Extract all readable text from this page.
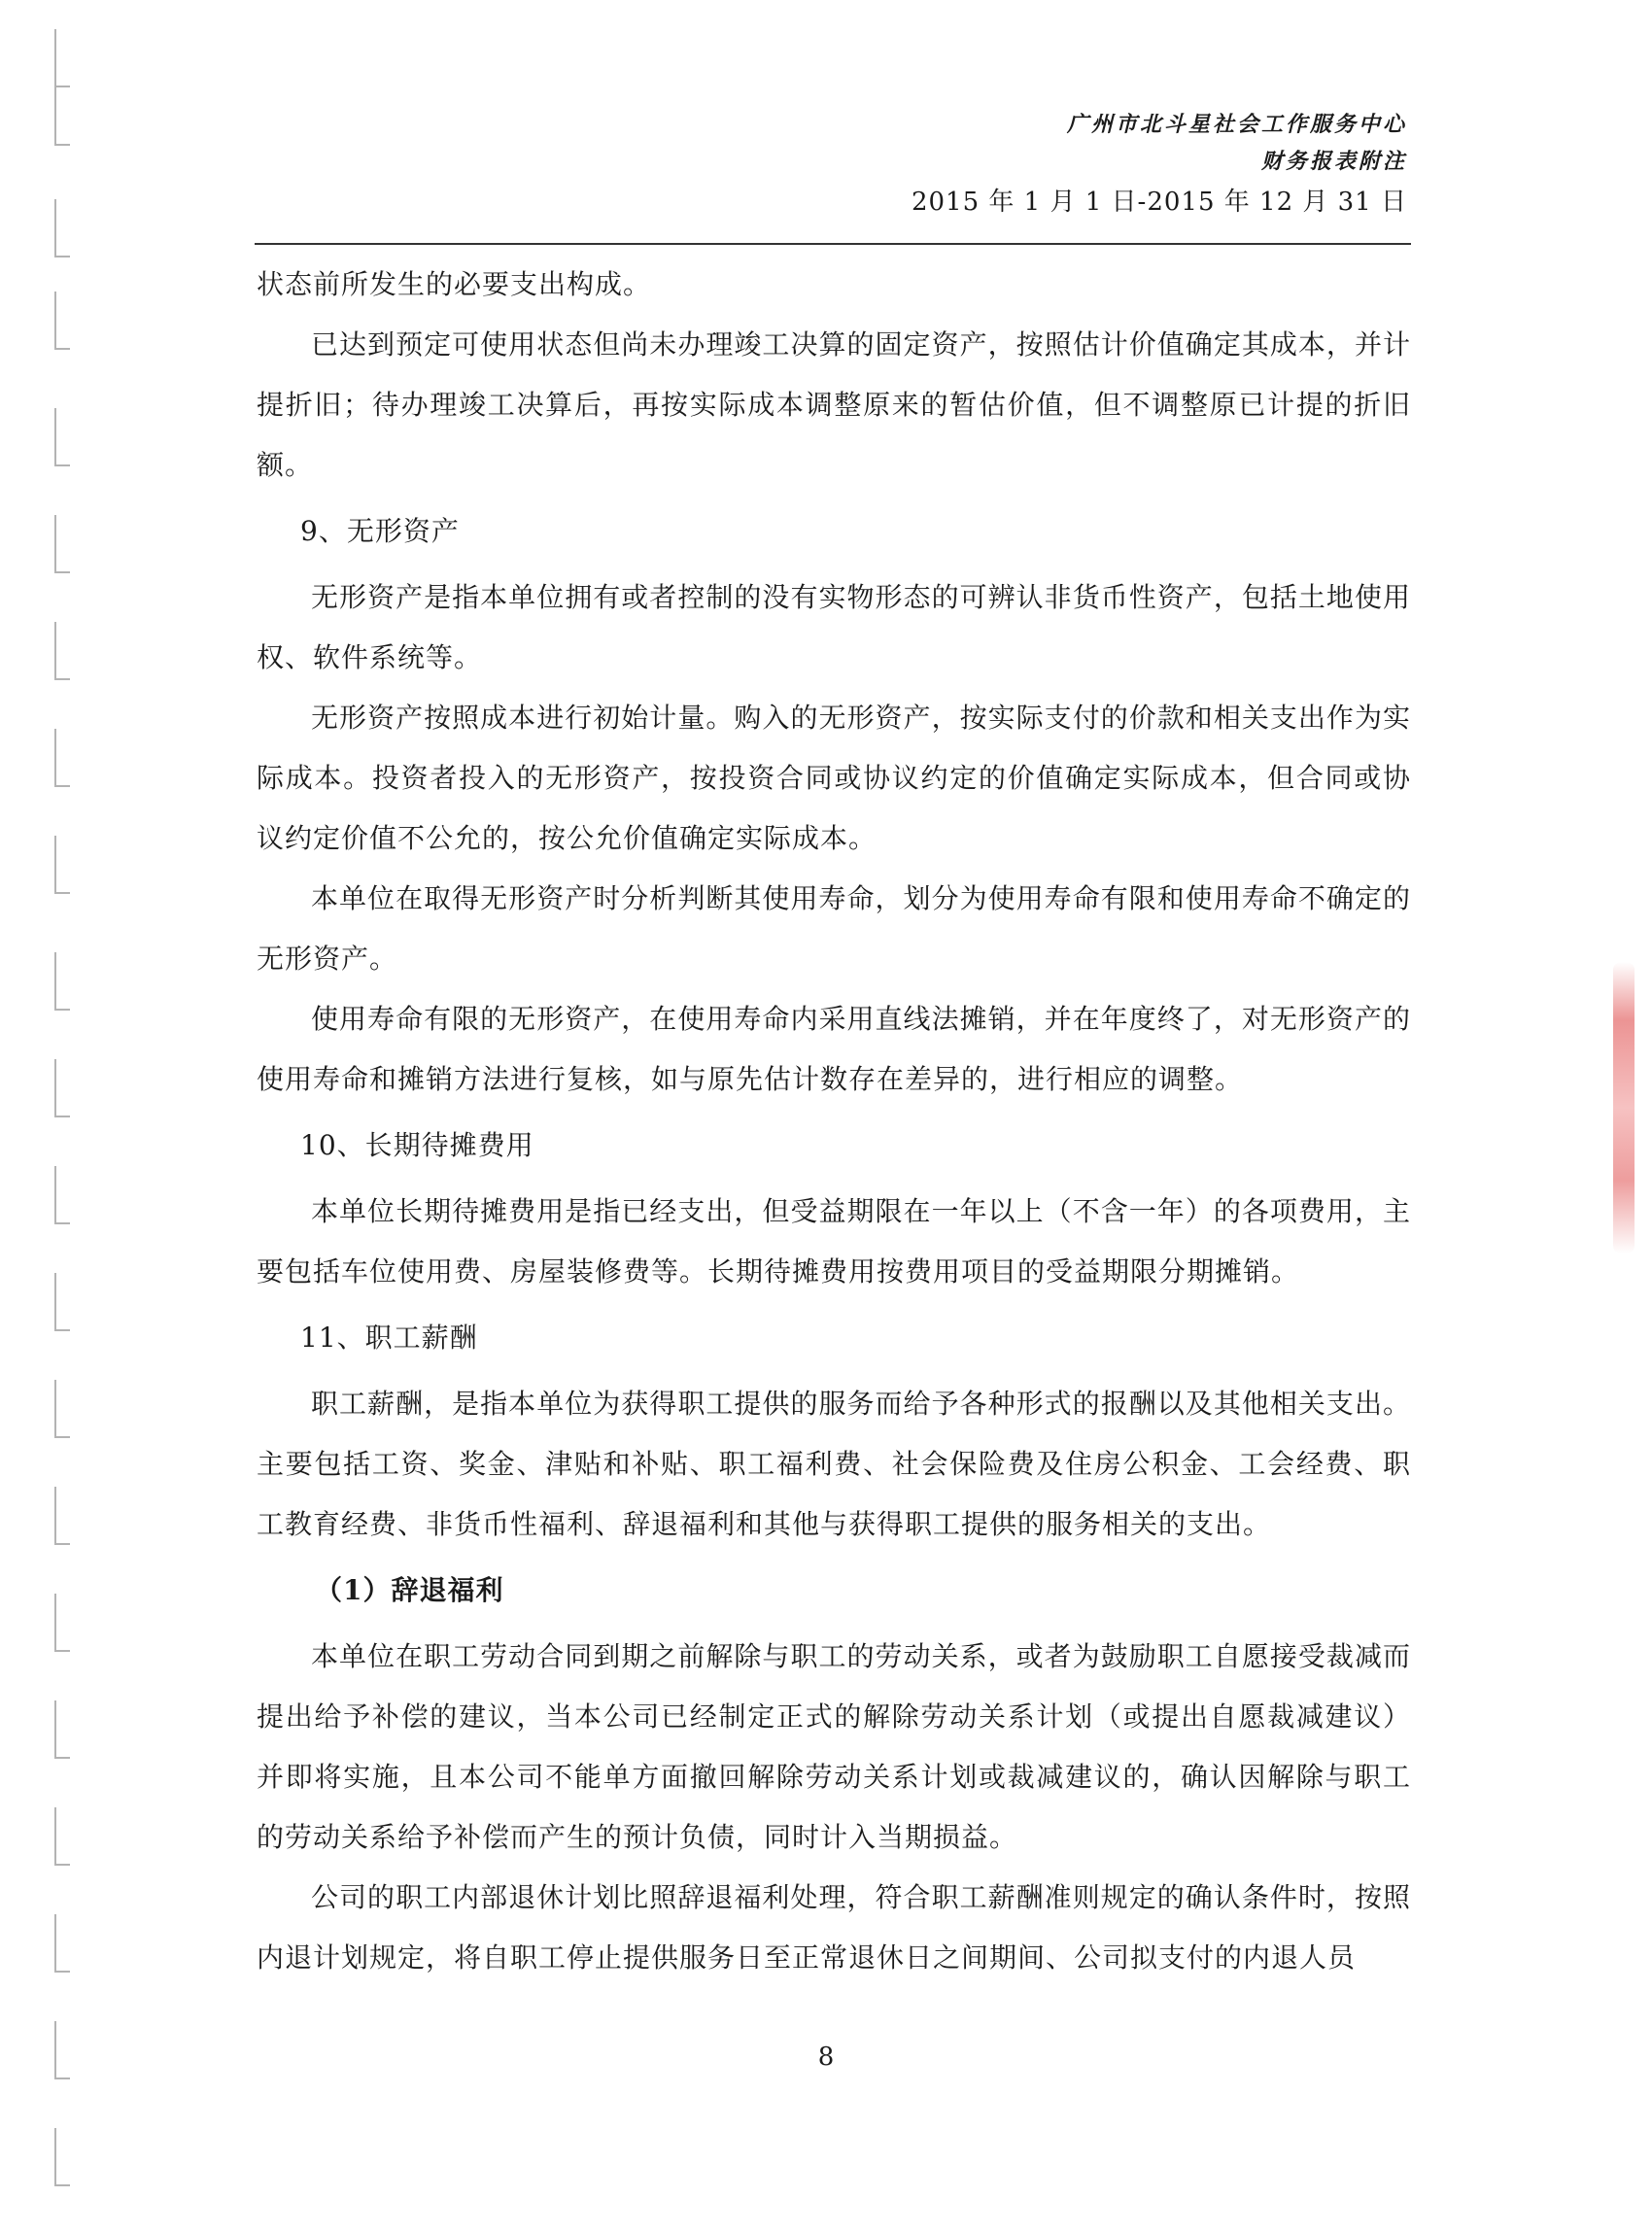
广州市北斗星社会工作服务中心
财务报表附注
2015 年 1 月 1 日-2015 年 12 月 31 日

状态前所发生的必要支出构成。

已达到预定可使用状态但尚未办理竣工决算的固定资产，按照估计价值确定其成本，并计提折旧；待办理竣工决算后，再按实际成本调整原来的暂估价值，但不调整原已计提的折旧额。

9、无形资产

无形资产是指本单位拥有或者控制的没有实物形态的可辨认非货币性资产，包括土地使用权、软件系统等。

无形资产按照成本进行初始计量。购入的无形资产，按实际支付的价款和相关支出作为实际成本。投资者投入的无形资产，按投资合同或协议约定的价值确定实际成本，但合同或协议约定价值不公允的，按公允价值确定实际成本。

本单位在取得无形资产时分析判断其使用寿命，划分为使用寿命有限和使用寿命不确定的无形资产。

使用寿命有限的无形资产，在使用寿命内采用直线法摊销，并在年度终了，对无形资产的使用寿命和摊销方法进行复核，如与原先估计数存在差异的，进行相应的调整。

10、长期待摊费用

本单位长期待摊费用是指已经支出，但受益期限在一年以上（不含一年）的各项费用，主要包括车位使用费、房屋装修费等。长期待摊费用按费用项目的受益期限分期摊销。

11、职工薪酬

职工薪酬，是指本单位为获得职工提供的服务而给予各种形式的报酬以及其他相关支出。主要包括工资、奖金、津贴和补贴、职工福利费、社会保险费及住房公积金、工会经费、职工教育经费、非货币性福利、辞退福利和其他与获得职工提供的服务相关的支出。

（1）辞退福利

本单位在职工劳动合同到期之前解除与职工的劳动关系，或者为鼓励职工自愿接受裁减而提出给予补偿的建议，当本公司已经制定正式的解除劳动关系计划（或提出自愿裁减建议）并即将实施，且本公司不能单方面撤回解除劳动关系计划或裁减建议的，确认因解除与职工的劳动关系给予补偿而产生的预计负债，同时计入当期损益。

公司的职工内部退休计划比照辞退福利处理，符合职工薪酬准则规定的确认条件时，按照内退计划规定，将自职工停止提供服务日至正常退休日之间期间、公司拟支付的内退人员

8
